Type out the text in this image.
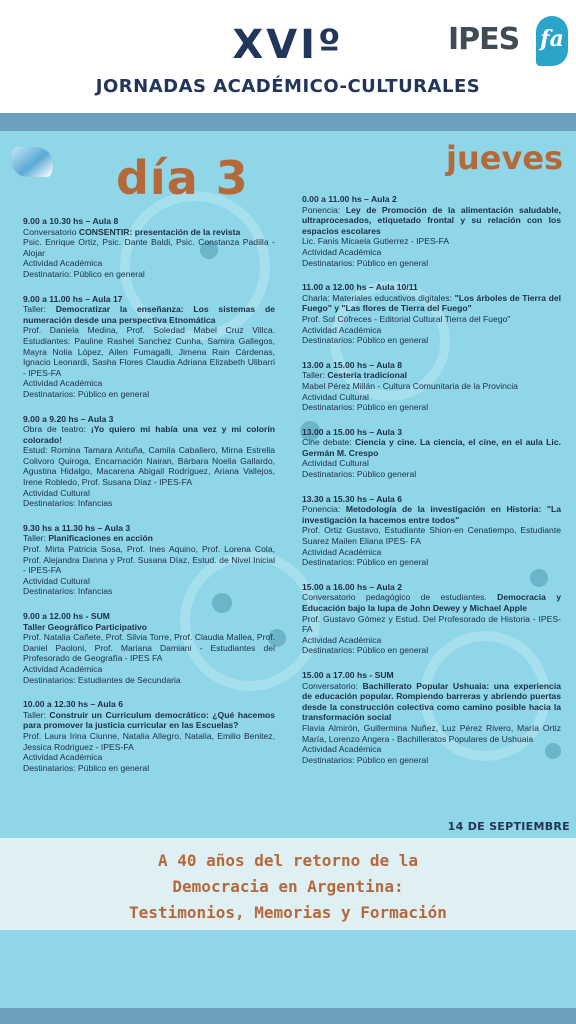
XVIº
JORNADAS ACADÉMICO-CULTURALES
IPES fa
día 3	jueves
9.00 a 10.30 hs – Aula 8
Conversatorio CONSENTIR: presentación de la revista
Psic. Enrique Ortiz, Psic. Dante Baldi, Psic. Constanza Padilla - Alojar
Actividad Académica
Destinatario: Público en general
9.00 a 11.00 hs – Aula 17
Taller: Democratizar la enseñanza: Los sistemas de numeración desde una perspectiva Etnomática
Prof. Daniela Medina, Prof. Soledad Mabel Cruz Villca. Estudiantes: Pauline Rashel Sanchez Cunha, Samira Gallegos, Mayra Nolia López, Ailen Fumagalli, Jimena Rain Cárdenas, Ignacio Leonardi, Sasha Flores Claudia Adriana Elizabeth Ulibarri - IPES-FA
Actividad Académica
Destinatarios: Público en general
9.00 a 9.20 hs – Aula 3
Obra de teatro: ¡Yo quiero mi había una vez y mi colorín colorado!
Estud: Romina Tamara Antuña, Camila Caballero, Mirna Estrella Colivoro Quiroga, Encarnación Nairan, Bárbara Noelia Gallardo, Agustina Hidalgo, Macarena Abigail Rodríguez, Ariana Vallejos, Irene Robledo, Prof. Susana Díaz - IPES-FA
Actividad Cultural
Destinatarios: Infancias
9.30 hs a 11.30 hs – Aula 3
Taller: Planificaciones en acción
Prof. Mirta Patricia Sosa, Prof. Ines Aquino, Prof. Lorena Cola, Prof. Alejandra Danna y Prof. Susana Díaz, Estud. de Nivel Inicial - IPES-FA
Actividad Cultural
Destinatarios: Infancias
9.00 a 12.00 hs - SUM
Taller Geográfico Participativo
Prof. Natalia Cañete, Prof. Silvia Torre, Prof. Claudia Mallea, Prof. Daniel Paoloni, Prof. Mariana Damiani - Estudiantes del Profesorado de Geografía - IPES FA
Actividad Académica
Destinatarios: Estudiantes de Secundaria
10.00 a 12.30 hs – Aula 6
Taller: Construir un Curriculum democrático: ¿Qué hacemos para promover la justicia curricular en las Escuelas?
Prof. Laura Irina Ciunne, Natalia Allegro, Natalia, Emilio Benitez, Jessica Rodriguez - IPES-FA
Actividad Académica
Destinatarios: Público en general
0.00 a 11.00 hs – Aula 2
Ponencia: Ley de Promoción de la alimentación saludable, ultraprocesados, etiquetado frontal y su relación con los espacios escolares
Lic. Fanis Micaela Gutierrez - IPES-FA
Actividad Académica
Destinatarios: Público en general
11.00 a 12.00 hs – Aula 10/11
Charla: Materiales educativos digitales: "Los árboles de Tierra del Fuego" y "Las flores de Tierra del Fuego"
Prof. Sol Cófreces - Editorial Cultural Tierra del Fuego"
Actividad Académica
Destinatarios: Público en general
13.00 a 15.00 hs – Aula 8
Taller: Cestería tradicional
Mabel Pérez Millán - Cultura Comunitaria de la Provincia
Actividad Cultural
Destinatarios: Público en general
13.00 a 15.00 hs – Aula 3
Cine debate: Ciencia y cine. La ciencia, el cine, en el aula Lic. Germán M. Crespo
Actividad Cultural
Destinatarios: Público general
13.30 a 15.30 hs – Aula 6
Ponencia: Metodología de la investigación en Historia: "La investigación la hacemos entre todos"
Prof. Ortiz Gustavo, Estudiante Shion-en Cenatiempo, Estudiante Suarez Mailen Eliana IPES- FA
Actividad Académica
Destinatarios: Público en general
15.00 a 16.00 hs – Aula 2
Conversatorio pedagógico de estudiantes. Democracia y Educación bajo la lupa de John Dewey y Michael Apple
Prof. Gustavo Gómez y Estud. Del Profesorado de Historia - IPES-FA
Actividad Académica
Destinatarios: Público en general
15.00 a 17.00 hs - SUM
Conversatorio: Bachillerato Popular Ushuaia: una experiencia de educación popular. Rompiendo barreras y abriendo puertas desde la construcción colectiva como camino posible hacia la transformación social
Flavia Almirón, Guillermina Nuñez, Luz Pérez Rivero, María Ortiz María, Lorenzo Angera - Bachilleratos Populares de Ushuaia
Actividad Académica
Destinatarios: Público en general
14 DE SEPTIEMBRE
A 40 años del retorno de la
Democracia en Argentina:
Testimonios, Memorias y Formación
